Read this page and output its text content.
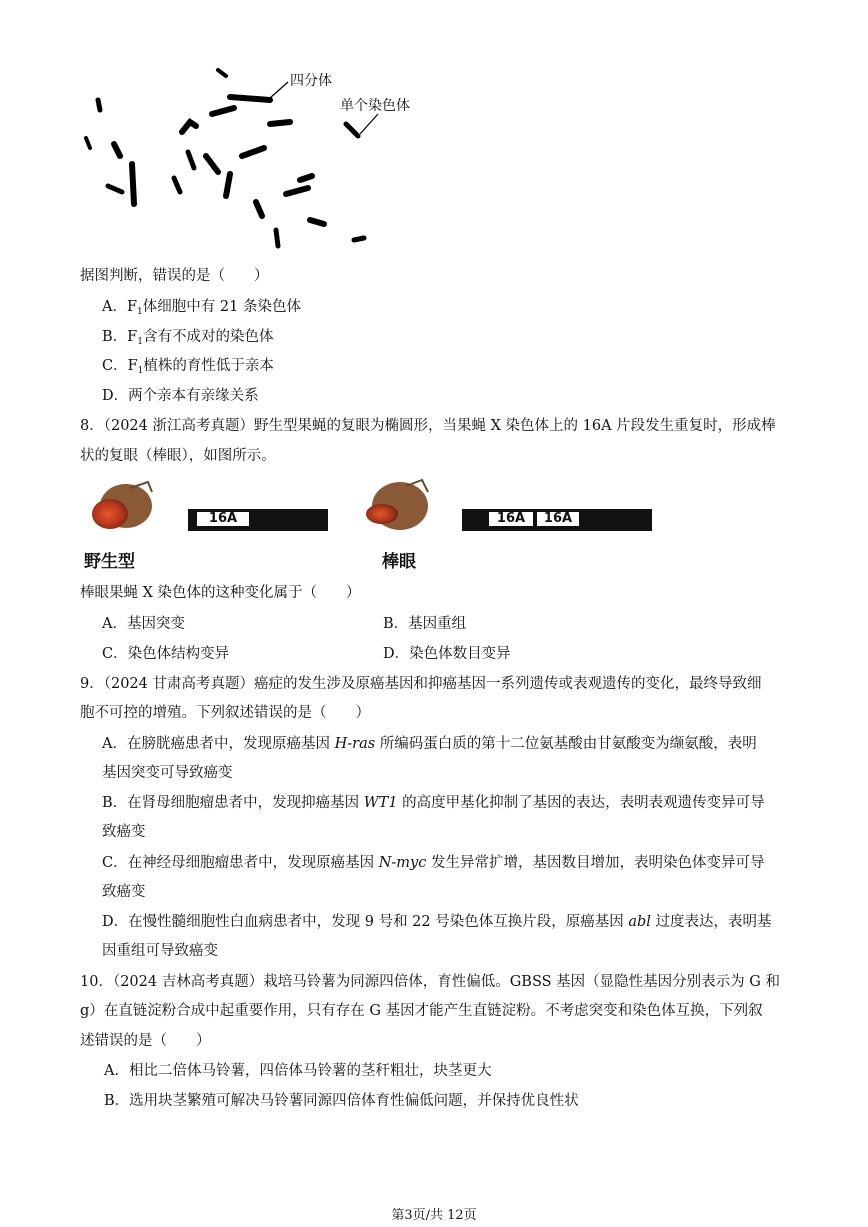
四分体
单个染色体
据图判断，错误的是（　　）
A．$F_1$体细胞中有 21 条染色体
B．$F_1$含有不成对的染色体
C．$F_1$植株的育性低于亲本
D．两个亲本有亲缘关系
8．（2024 浙江高考真题）野生型果蝇的复眼为椭圆形，当果蝇 X 染色体上的 16A 片段发生重复时，形成棒
状的复眼（棒眼），如图所示。
野生型
16A
棒眼
16A	16A
棒眼果蝇 X 染色体的这种变化属于（　　）
A．基因突变	B．基因重组
C．染色体结构变异	D．染色体数目变异
9．（2024 甘肃高考真题）癌症的发生涉及原癌基因和抑癌基因一系列遗传或表观遗传的变化，最终导致细
胞不可控的增殖。下列叙述错误的是（　　）
A．在膀胱癌患者中，发现原癌基因 H-ras 所编码蛋白质的第十二位氨基酸由甘氨酸变为缬氨酸，表明
基因突变可导致癌变
B．在肾母细胞瘤患者中，发现抑癌基因 WT1 的高度甲基化抑制了基因的表达，表明表观遗传变异可导
致癌变
C．在神经母细胞瘤患者中，发现原癌基因 N-myc 发生异常扩增，基因数目增加，表明染色体变异可导
致癌变
D．在慢性髓细胞性白血病患者中，发现 9 号和 22 号染色体互换片段，原癌基因 abl 过度表达，表明基
因重组可导致癌变
10．（2024 吉林高考真题）栽培马铃薯为同源四倍体，育性偏低。GBSS 基因（显隐性基因分别表示为 G 和
g）在直链淀粉合成中起重要作用，只有存在 G 基因才能产生直链淀粉。不考虑突变和染色体互换，下列叙
述错误的是（　　）
A．相比二倍体马铃薯，四倍体马铃薯的茎秆粗壮，块茎更大
B．选用块茎繁殖可解决马铃薯同源四倍体育性偏低问题，并保持优良性状
第3页/共 12页
